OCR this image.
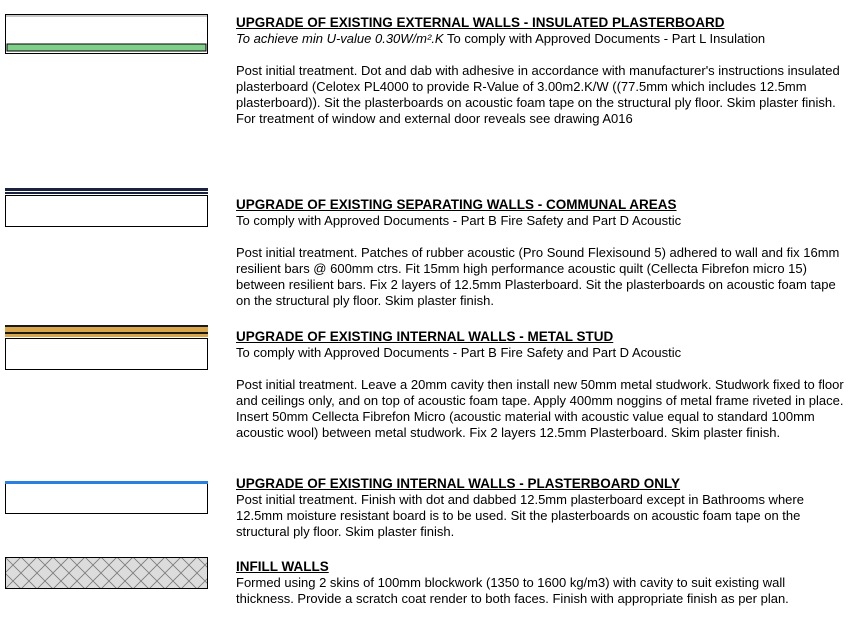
UPGRADE OF EXISTING EXTERNAL WALLS - INSULATED PLASTERBOARD

To achieve min U-value 0.30W/m².K To comply with Approved Documents - Part L Insulation

Post initial treatment. Dot and dab with adhesive in accordance with manufacturer's instructions insulated plasterboard (Celotex PL4000 to provide R-Value of 3.00m2.K/W ((77.5mm which includes 12.5mm plasterboard)). Sit the plasterboards on acoustic foam tape on the structural ply floor. Skim plaster finish.

For treatment of window and external door reveals see drawing A016

UPGRADE OF EXISTING SEPARATING WALLS - COMMUNAL AREAS

To comply with Approved Documents - Part B Fire Safety and Part D Acoustic

Post initial treatment. Patches of rubber acoustic (Pro Sound Flexisound 5) adhered to wall and fix 16mm resilient bars @ 600mm ctrs. Fit 15mm high performance acoustic quilt (Cellecta Fibrefon micro 15) between resilient bars. Fix 2 layers of 12.5mm Plasterboard. Sit the plasterboards on acoustic foam tape on the structural ply floor. Skim plaster finish.

UPGRADE OF EXISTING INTERNAL WALLS - METAL STUD

To comply with Approved Documents - Part B Fire Safety and Part D Acoustic

Post initial treatment. Leave a 20mm cavity then install new 50mm metal studwork. Studwork fixed to floor and ceilings only, and on top of acoustic foam tape. Apply 400mm noggins of metal frame riveted in place. Insert 50mm Cellecta Fibrefon Micro (acoustic material with acoustic value equal to standard 100mm acoustic wool) between metal studwork. Fix 2 layers 12.5mm Plasterboard. Skim plaster finish.

UPGRADE OF EXISTING INTERNAL WALLS - PLASTERBOARD ONLY

Post initial treatment. Finish with dot and dabbed 12.5mm plasterboard except in Bathrooms where 12.5mm moisture resistant board is to be used. Sit the plasterboards on acoustic foam tape on the structural ply floor. Skim plaster finish.

INFILL WALLS

Formed using 2 skins of 100mm blockwork (1350 to 1600 kg/m3) with cavity to suit existing wall thickness. Provide a scratch coat render to both faces. Finish with appropriate finish as per plan.
